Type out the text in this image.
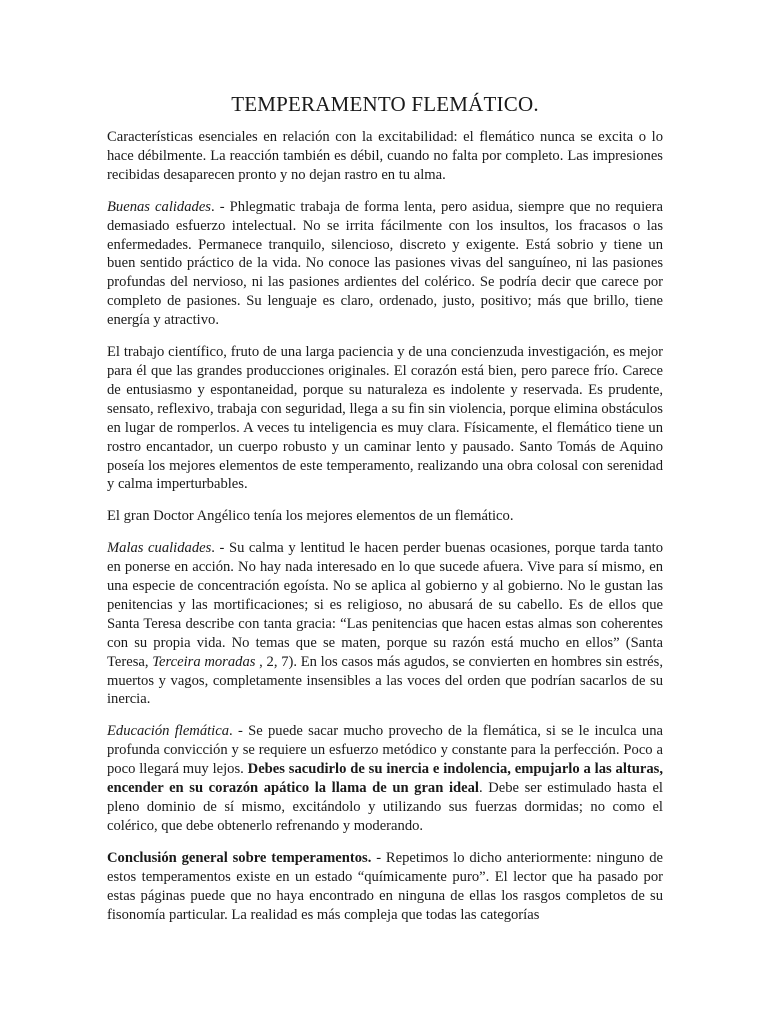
TEMPERAMENTO FLEMÁTICO.

Características esenciales en relación con la excitabilidad: el flemático nunca se excita o lo hace débilmente. La reacción también es débil, cuando no falta por completo. Las impresiones recibidas desaparecen pronto y no dejan rastro en tu alma.

Buenas calidades. - Phlegmatic trabaja de forma lenta, pero asidua, siempre que no requiera demasiado esfuerzo intelectual. No se irrita fácilmente con los insultos, los fracasos o las enfermedades. Permanece tranquilo, silencioso, discreto y exigente. Está sobrio y tiene un buen sentido práctico de la vida. No conoce las pasiones vivas del sanguíneo, ni las pasiones profundas del nervioso, ni las pasiones ardientes del colérico. Se podría decir que carece por completo de pasiones. Su lenguaje es claro, ordenado, justo, positivo; más que brillo, tiene energía y atractivo.

El trabajo científico, fruto de una larga paciencia y de una concienzuda investigación, es mejor para él que las grandes producciones originales. El corazón está bien, pero parece frío. Carece de entusiasmo y espontaneidad, porque su naturaleza es indolente y reservada. Es prudente, sensato, reflexivo, trabaja con seguridad, llega a su fin sin violencia, porque elimina obstáculos en lugar de romperlos. A veces tu inteligencia es muy clara. Físicamente, el flemático tiene un rostro encantador, un cuerpo robusto y un caminar lento y pausado. Santo Tomás de Aquino poseía los mejores elementos de este temperamento, realizando una obra colosal con serenidad y calma imperturbables.

El gran Doctor Angélico tenía los mejores elementos de un flemático.

Malas cualidades. - Su calma y lentitud le hacen perder buenas ocasiones, porque tarda tanto en ponerse en acción. No hay nada interesado en lo que sucede afuera. Vive para sí mismo, en una especie de concentración egoísta. No se aplica al gobierno y al gobierno. No le gustan las penitencias y las mortificaciones; si es religioso, no abusará de su cabello. Es de ellos que Santa Teresa describe con tanta gracia: “Las penitencias que hacen estas almas son coherentes con su propia vida. No temas que se maten, porque su razón está mucho en ellos” (Santa Teresa, Terceira moradas , 2, 7). En los casos más agudos, se convierten en hombres sin estrés, muertos y vagos, completamente insensibles a las voces del orden que podrían sacarlos de su inercia.

Educación flemática. - Se puede sacar mucho provecho de la flemática, si se le inculca una profunda convicción y se requiere un esfuerzo metódico y constante para la perfección. Poco a poco llegará muy lejos. Debes sacudirlo de su inercia e indolencia, empujarlo a las alturas, encender en su corazón apático la llama de un gran ideal. Debe ser estimulado hasta el pleno dominio de sí mismo, excitándolo y utilizando sus fuerzas dormidas; no como el colérico, que debe obtenerlo refrenando y moderando.

Conclusión general sobre temperamentos. - Repetimos lo dicho anteriormente: ninguno de estos temperamentos existe en un estado “químicamente puro”. El lector que ha pasado por estas páginas puede que no haya encontrado en ninguna de ellas los rasgos completos de su fisonomía particular. La realidad es más compleja que todas las categorías
